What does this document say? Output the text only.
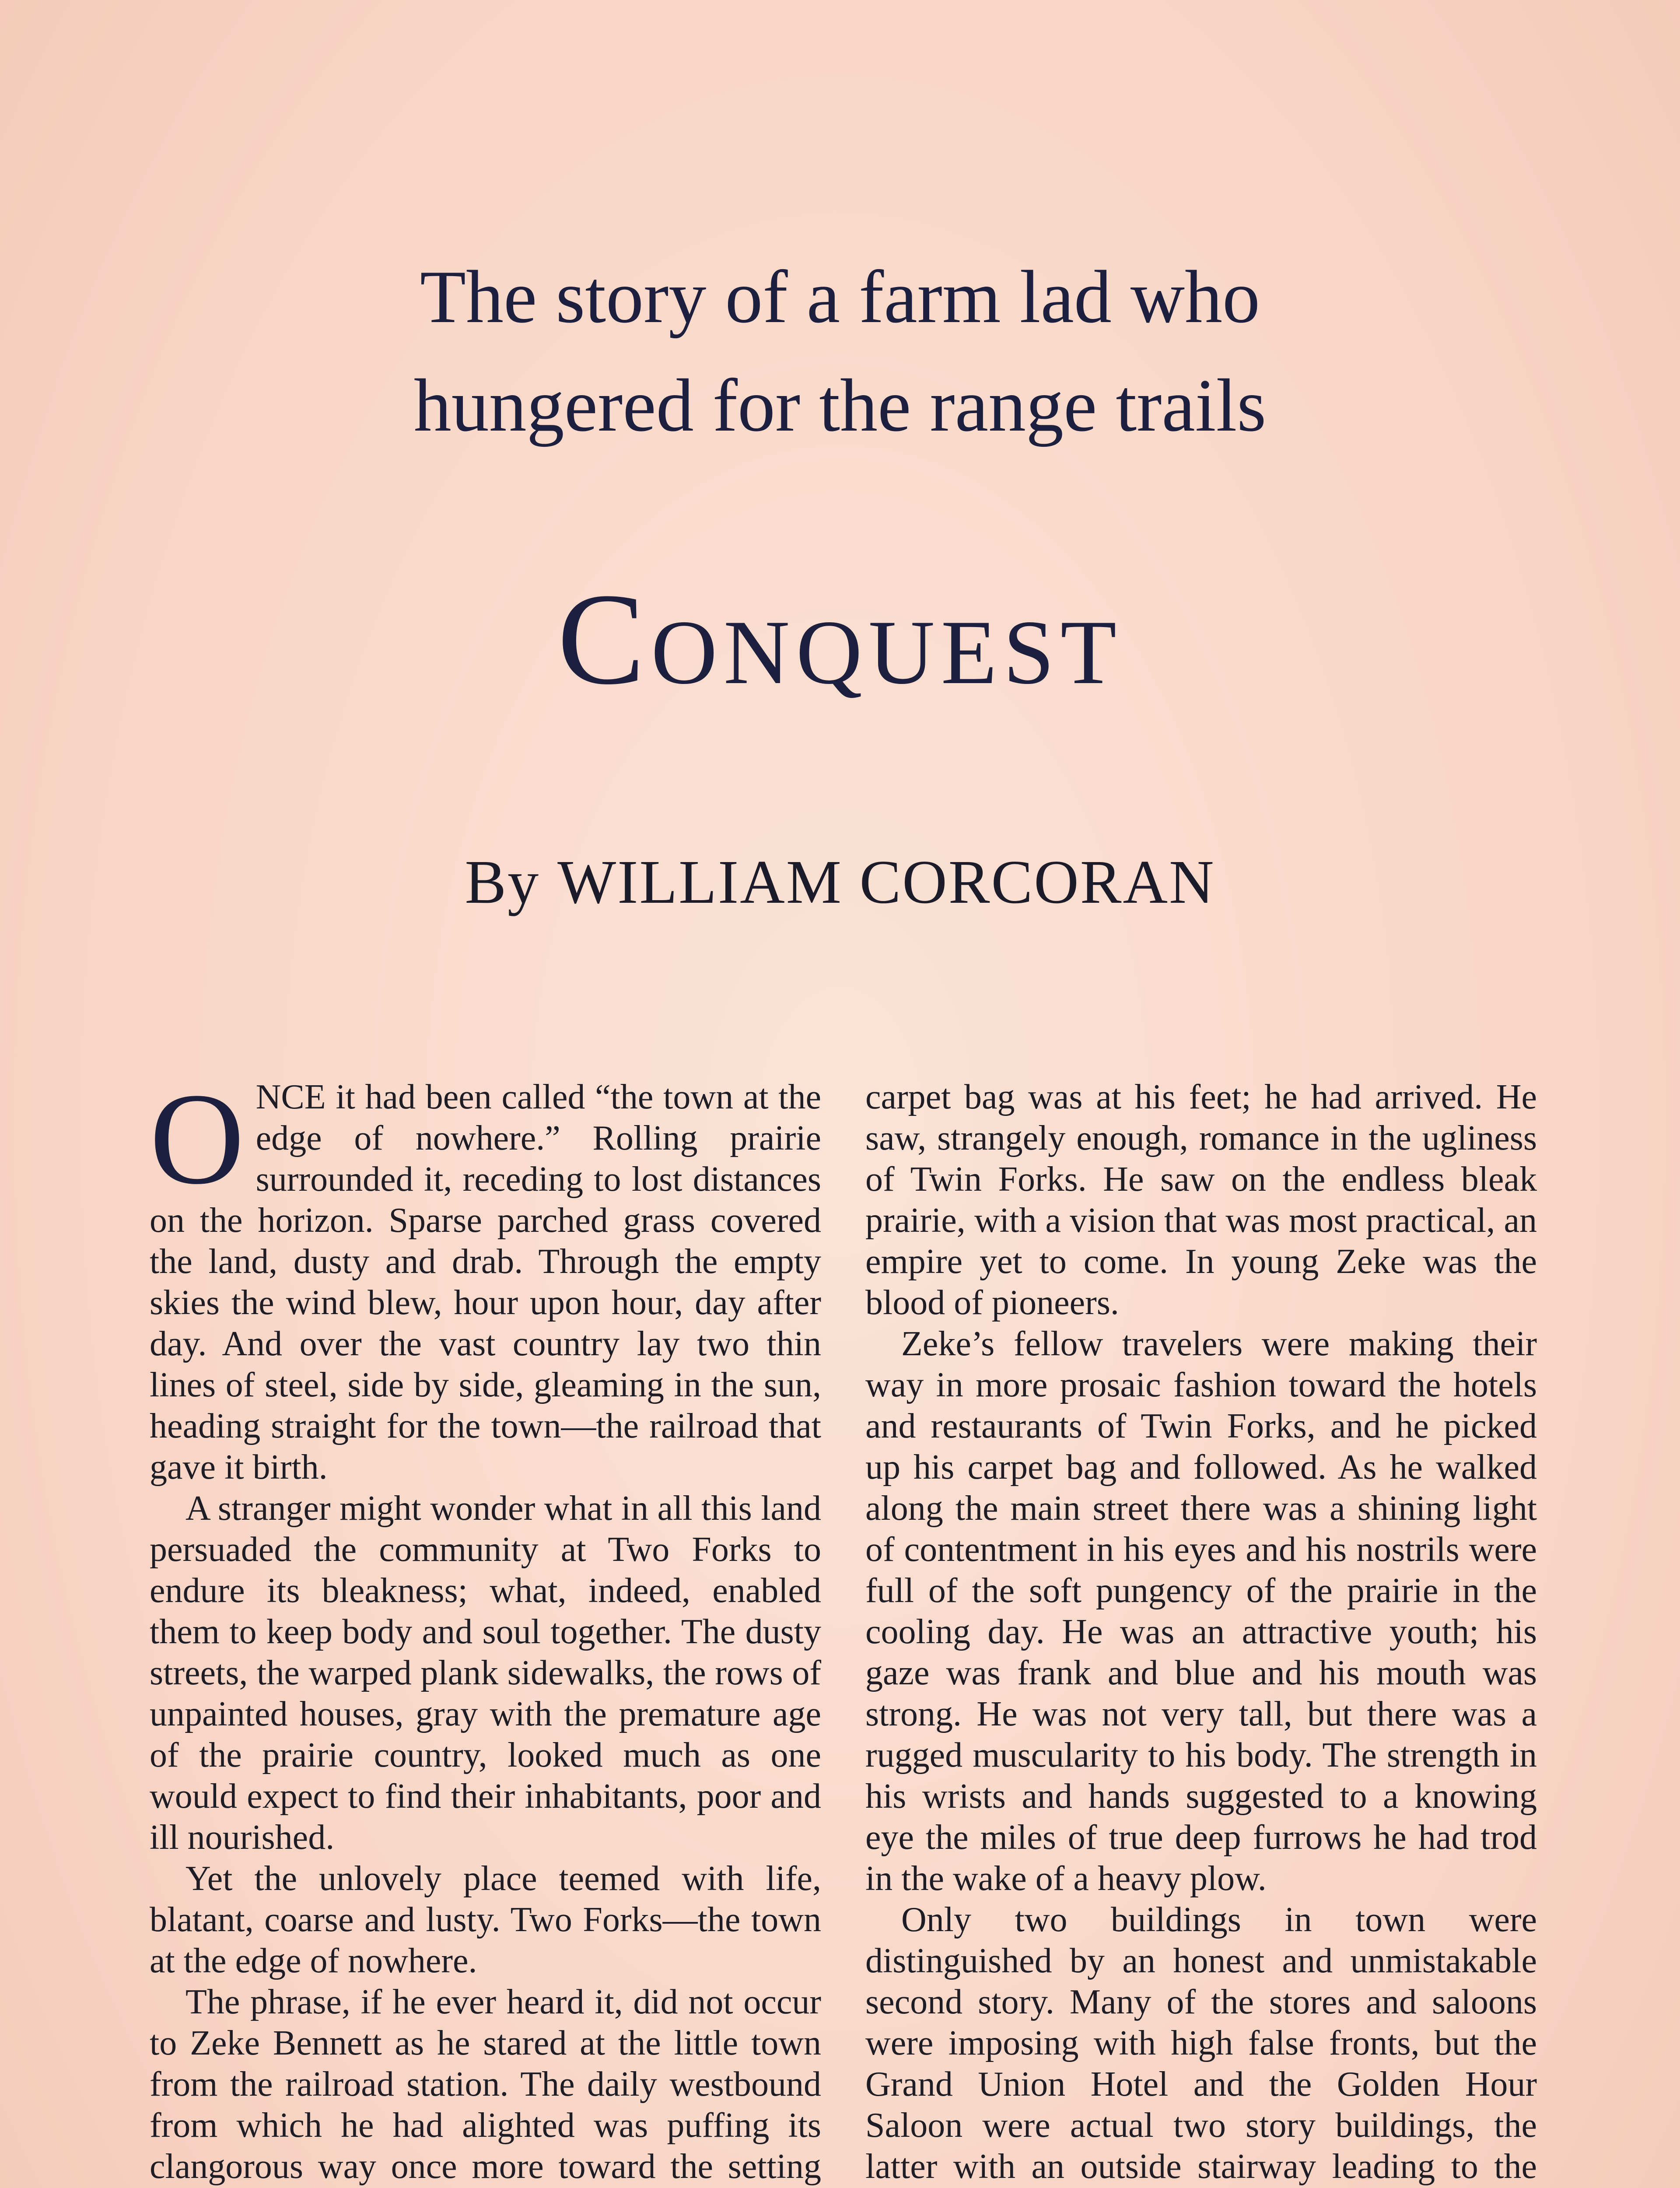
The story of a farm lad who
hungered for the range trails
Conquest
By WILLIAM CORCORAN

ONCE it had been called “the town at the edge of nowhere.” Rolling prairie surrounded it, receding to lost distances on the horizon. Sparse parched grass covered the land, dusty and drab. Through the empty skies the wind blew, hour upon hour, day after day. And over the vast country lay two thin lines of steel, side by side, gleaming in the sun, heading straight for the town—the railroad that gave it birth.

A stranger might wonder what in all this land persuaded the community at Two Forks to endure its bleakness; what, indeed, enabled them to keep body and soul together. The dusty streets, the warped plank sidewalks, the rows of unpainted houses, gray with the premature age of the prairie country, looked much as one would expect to find their inhabitants, poor and ill nourished.

Yet the unlovely place teemed with life, blatant, coarse and lusty. Two Forks—the town at the edge of nowhere.

The phrase, if he ever heard it, did not occur to Zeke Bennett as he stared at the little town from the railroad station. The daily westbound from which he had alighted was puffing its clangorous way once more toward the setting

carpet bag was at his feet; he had arrived. He saw, strangely enough, romance in the ugliness of Twin Forks. He saw on the endless bleak prairie, with a vision that was most practical, an empire yet to come. In young Zeke was the blood of pioneers.

Zeke’s fellow travelers were making their way in more prosaic fashion toward the hotels and restaurants of Twin Forks, and he picked up his carpet bag and followed. As he walked along the main street there was a shining light of contentment in his eyes and his nostrils were full of the soft pungency of the prairie in the cooling day. He was an attractive youth; his gaze was frank and blue and his mouth was strong. He was not very tall, but there was a rugged muscularity to his body. The strength in his wrists and hands suggested to a knowing eye the miles of true deep furrows he had trod in the wake of a heavy plow.

Only two buildings in town were distinguished by an honest and unmistakable second story. Many of the stores and saloons were imposing with high false fronts, but the Grand Union Hotel and the Golden Hour Saloon were actual two story buildings, the latter with an outside stairway leading to the
